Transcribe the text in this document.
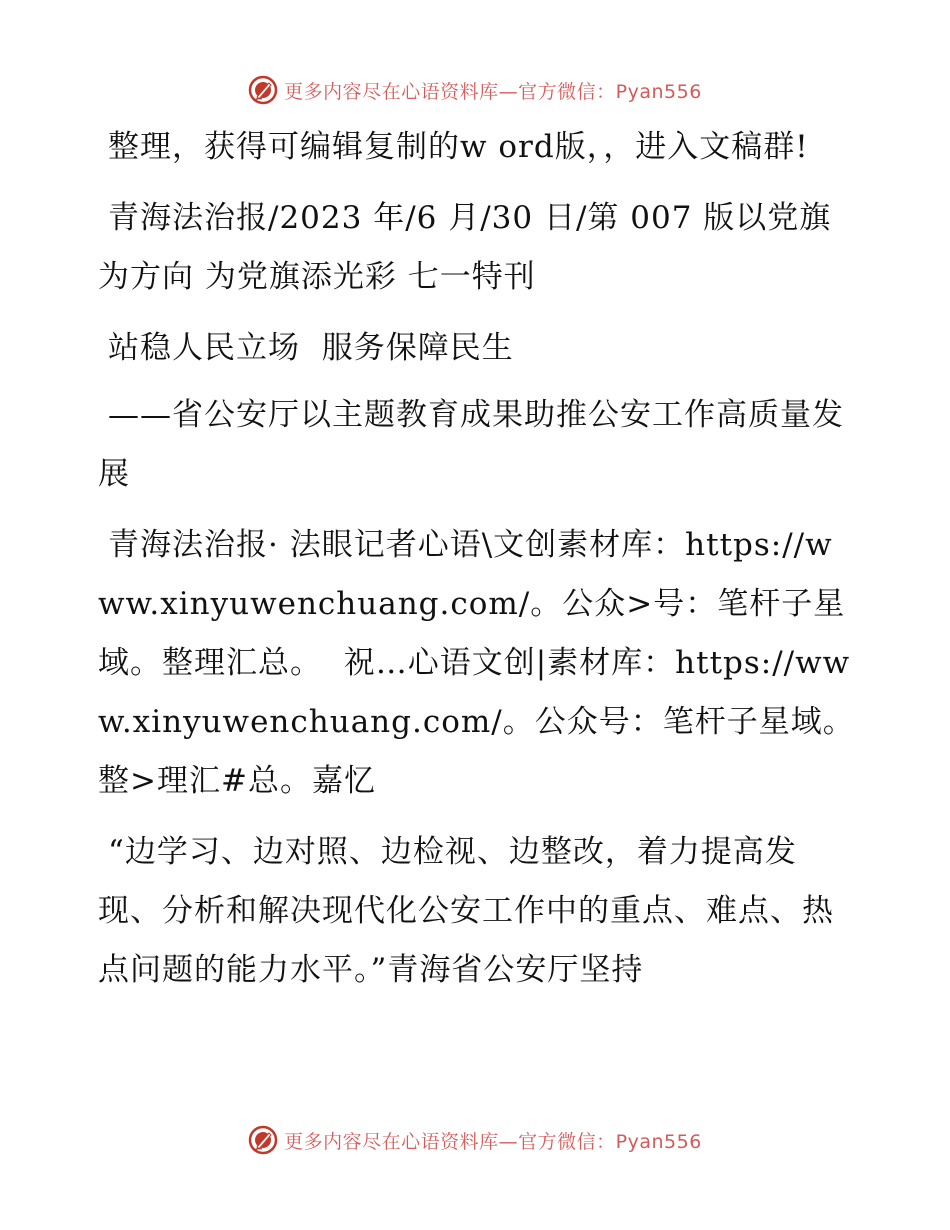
更多内容尽在心语资料库—官方微信：Pyan556

整理，获得可编辑复制的w ord版，，进入文稿群!

青海法治报/2023 年/6 月/30 日/第 007 版以党旗为方向 为党旗添光彩 七一特刊

站稳人民立场  服务保障民生

——省公安厅以主题教育成果助推公安工作高质量发展

青海法治报· 法眼记者心语\文创素材库：https://www.xinyuwenchuang.com/。公众>号：笔杆子星域。整理汇总。  祝…心语文创|素材库：https://www.xinyuwenchuang.com/。公众号：笔杆子星域。整>理汇#总。嘉忆

“边学习、边对照、边检视、边整改，着力提高发现、分析和解决现代化公安工作中的重点、难点、热点问题的能力水平。”青海省公安厅坚持

更多内容尽在心语资料库—官方微信：Pyan556
